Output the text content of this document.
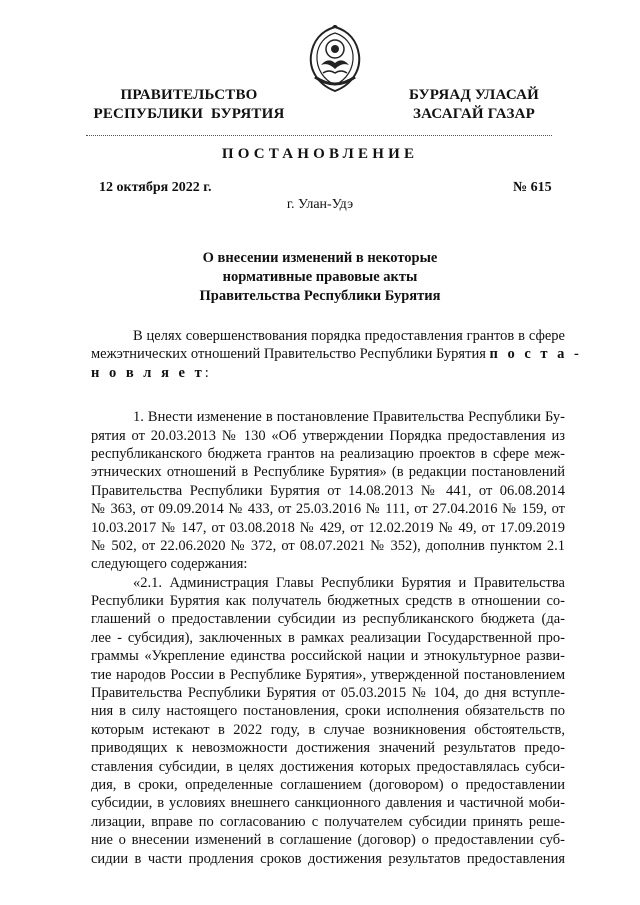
ПРАВИТЕЛЬСТВО
РЕСПУБЛИКИ  БУРЯТИЯ
БУРЯАД УЛАСАЙ
ЗАСАГАЙ ГАЗАР
ПОСТАНОВЛЕНИЕ
12 октября 2022 г.	№ 615
г. Улан-Удэ
О внесении изменений в некоторые
нормативные правовые акты
Правительства Республики Бурятия
В целях совершенствования порядка предоставления грантов в сфере
межэтнических отношений Правительство Республики Бурятия п о с т а -
н о в л я е т:
1. Внести изменение в постановление Правительства Республики Бу-
рятия от 20.03.2013 № 130 «Об утверждении Порядка предоставления из
республиканского бюджета грантов на реализацию проектов в сфере меж-
этнических отношений в Республике Бурятия» (в редакции постановлений
Правительства Республики Бурятия от 14.08.2013 № 441, от 06.08.2014
№ 363, от 09.09.2014 № 433, от 25.03.2016 № 111, от 27.04.2016 № 159, от
10.03.2017 № 147, от 03.08.2018 № 429, от 12.02.2019 № 49, от 17.09.2019
№ 502, от 22.06.2020 № 372, от 08.07.2021 № 352), дополнив пунктом 2.1
следующего содержания:
«2.1. Администрация Главы Республики Бурятия и Правительства
Республики Бурятия как получатель бюджетных средств в отношении со-
глашений о предоставлении субсидии из республиканского бюджета (да-
лее - субсидия), заключенных в рамках реализации Государственной про-
граммы «Укрепление единства российской нации и этнокультурное разви-
тие народов России в Республике Бурятия», утвержденной постановлением
Правительства Республики Бурятия от 05.03.2015 № 104, до дня вступле-
ния в силу настоящего постановления, сроки исполнения обязательств по
которым истекают в 2022 году, в случае возникновения обстоятельств,
приводящих к невозможности достижения значений результатов предо-
ставления субсидии, в целях достижения которых предоставлялась субси-
дия, в сроки, определенные соглашением (договором) о предоставлении
субсидии, в условиях внешнего санкционного давления и частичной моби-
лизации, вправе по согласованию с получателем субсидии принять реше-
ние о внесении изменений в соглашение (договор) о предоставлении суб-
сидии в части продления сроков достижения результатов предоставления
